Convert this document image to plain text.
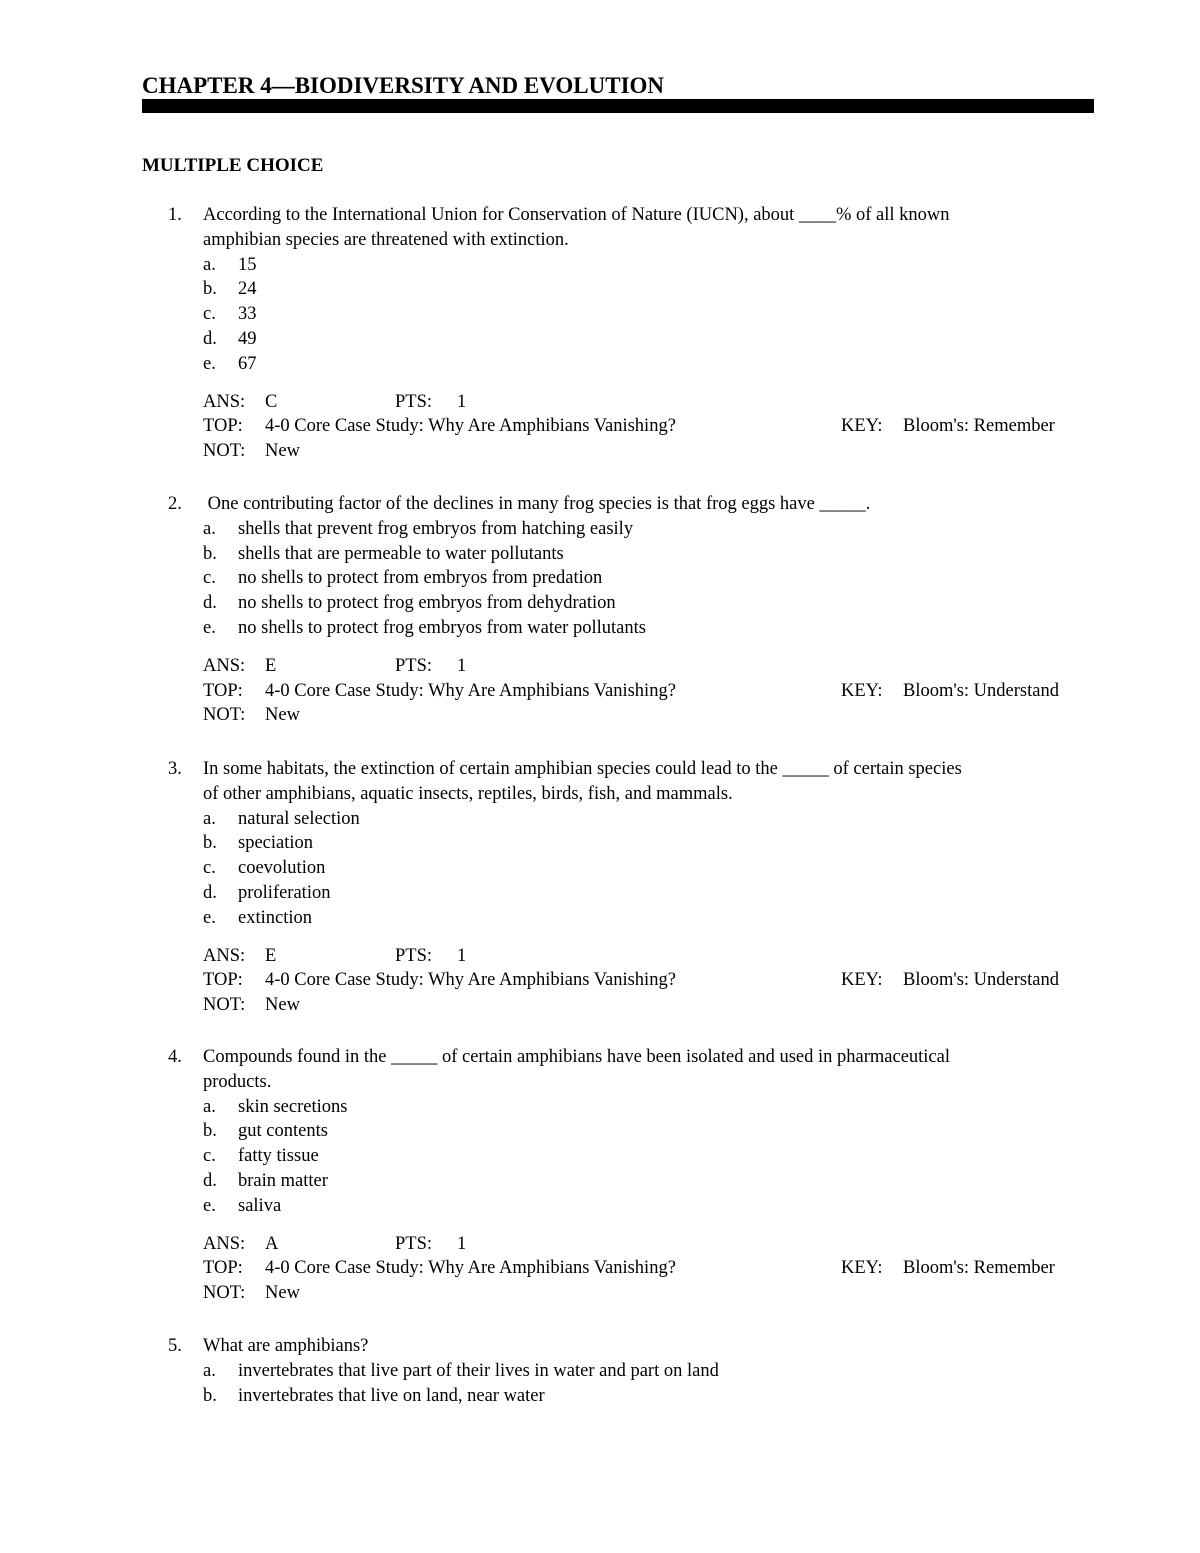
CHAPTER 4—BIODIVERSITY AND EVOLUTION
MULTIPLE CHOICE
1. According to the International Union for Conservation of Nature (IUCN), about ____% of all known
amphibian species are threatened with extinction.
a. 15
b. 24
c. 33
d. 49
e. 67
ANS: C	PTS: 1
TOP: 4-0 Core Case Study: Why Are Amphibians Vanishing?	KEY: Bloom's: Remember
NOT: New
2. One contributing factor of the declines in many frog species is that frog eggs have _____.
a. shells that prevent frog embryos from hatching easily
b. shells that are permeable to water pollutants
c. no shells to protect from embryos from predation
d. no shells to protect frog embryos from dehydration
e. no shells to protect frog embryos from water pollutants
ANS: E	PTS: 1
TOP: 4-0 Core Case Study: Why Are Amphibians Vanishing?	KEY: Bloom's: Understand
NOT: New
3. In some habitats, the extinction of certain amphibian species could lead to the _____ of certain species
of other amphibians, aquatic insects, reptiles, birds, fish, and mammals.
a. natural selection
b. speciation
c. coevolution
d. proliferation
e. extinction
ANS: E	PTS: 1
TOP: 4-0 Core Case Study: Why Are Amphibians Vanishing?	KEY: Bloom's: Understand
NOT: New
4. Compounds found in the _____ of certain amphibians have been isolated and used in pharmaceutical
products.
a. skin secretions
b. gut contents
c. fatty tissue
d. brain matter
e. saliva
ANS: A	PTS: 1
TOP: 4-0 Core Case Study: Why Are Amphibians Vanishing?	KEY: Bloom's: Remember
NOT: New
5. What are amphibians?
a. invertebrates that live part of their lives in water and part on land
b. invertebrates that live on land, near water
